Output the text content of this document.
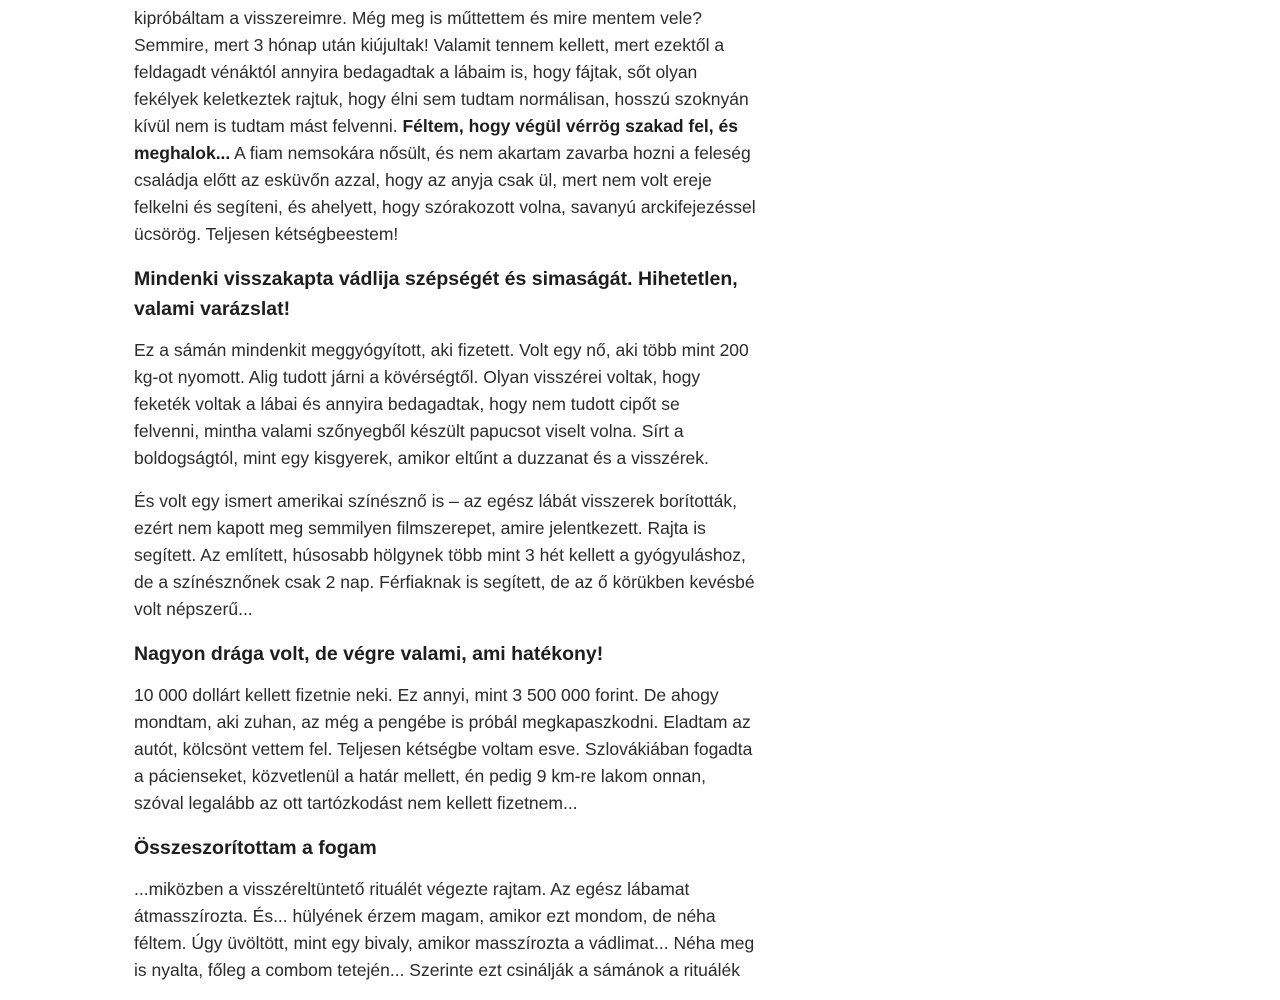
kipróbáltam a visszereimre. Még meg is műttettem és mire mentem vele?
Semmire, mert 3 hónap után kiújultak! Valamit tennem kellett, mert ezektől a
feldagadt vénáktól annyira bedagadtak a lábaim is, hogy fájtak, sőt olyan
fekélyek keletkeztek rajtuk, hogy élni sem tudtam normálisan, hosszú szoknyán
kívül nem is tudtam mást felvenni. Féltem, hogy végül vérrög szakad fel, és
meghalok... A fiam nemsokára nősült, és nem akartam zavarba hozni a feleség
családja előtt az esküvőn azzal, hogy az anyja csak ül, mert nem volt ereje
felkelni és segíteni, és ahelyett, hogy szórakozott volna, savanyú arckifejezéssel
ücsörög. Teljesen kétségbeestem!
Mindenki visszakapta vádlija szépségét és simaságát. Hihetetlen,
valami varázslat!
Ez a sámán mindenkit meggyógyított, aki fizetett. Volt egy nő, aki több mint 200
kg-ot nyomott. Alig tudott járni a kövérségtől. Olyan visszérei voltak, hogy
feketék voltak a lábai és annyira bedagadtak, hogy nem tudott cipőt se
felvenni, mintha valami szőnyegből készült papucsot viselt volna. Sírt a
boldogságtól, mint egy kisgyerek, amikor eltűnt a duzzanat és a visszérek.
És volt egy ismert amerikai színésznő is – az egész lábát visszerek borították,
ezért nem kapott meg semmilyen filmszerepet, amire jelentkezett. Rajta is
segített. Az említett, húsosabb hölgynek több mint 3 hét kellett a gyógyuláshoz,
de a színésznőnek csak 2 nap. Férfiaknak is segített, de az ő körükben kevésbé
volt népszerű...
Nagyon drága volt, de végre valami, ami hatékony!
10 000 dollárt kellett fizetnie neki. Ez annyi, mint 3 500 000 forint. De ahogy
mondtam, aki zuhan, az még a pengébe is próbál megkapaszkodni. Eladtam az
autót, kölcsönt vettem fel. Teljesen kétségbe voltam esve. Szlovákiában fogadta
a pácienseket, közvetlenül a határ mellett, én pedig 9 km-re lakom onnan,
szóval legalább az ott tartózkodást nem kellett fizetnem...
Összeszorítottam a fogam
...miközben a visszéreltüntető rituálét végezte rajtam. Az egész lábamat
átmasszírozta. És... hülyének érzem magam, amikor ezt mondom, de néha
féltem. Úgy üvöltött, mint egy bivaly, amikor masszírozta a vádlimat... Néha meg
is nyalta, főleg a combom tetején... Szerinte ezt csinálják a sámánok a rituálék
